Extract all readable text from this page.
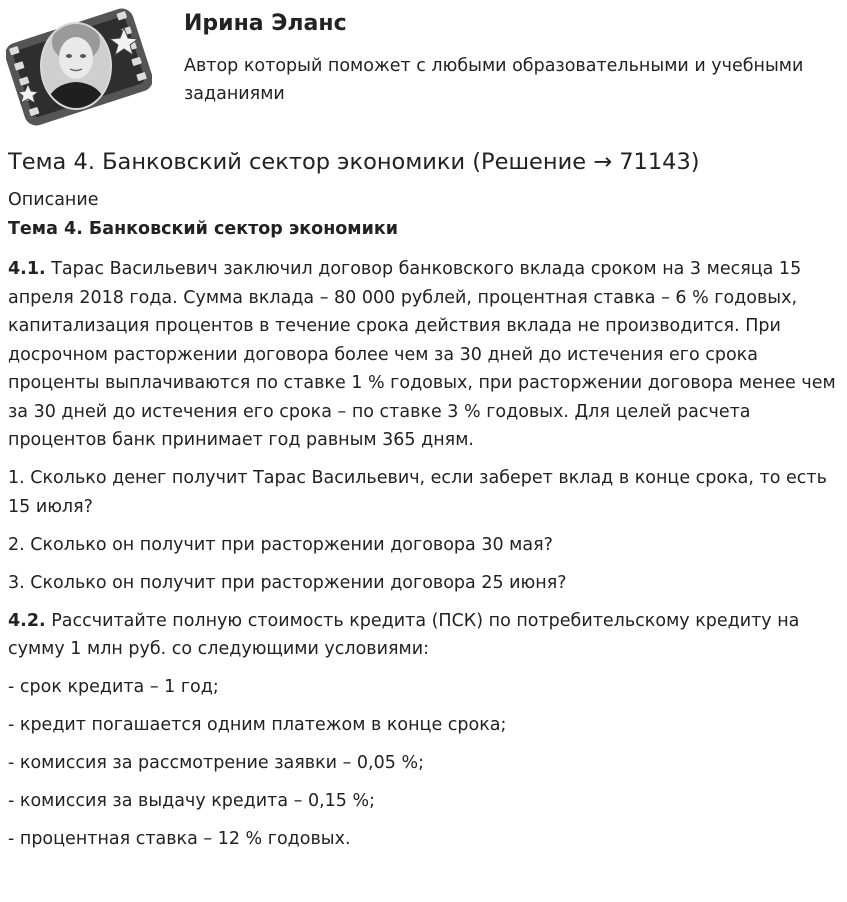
Ирина Эланс
Автор который поможет с любыми образовательными и учебными заданиями
Тема 4. Банковский сектор экономики (Решение → 71143)
Описание
Тема 4. Банковский сектор экономики

4.1. Тарас Васильевич заключил договор банковского вклада сроком на 3 месяца 15 апреля 2018 года. Сумма вклада – 80 000 рублей, процентная ставка – 6 % годовых, капитализация процентов в течение срока действия вклада не производится. При досрочном расторжении договора более чем за 30 дней до истечения его срока проценты выплачиваются по ставке 1 % годовых, при расторжении договора менее чем за 30 дней до истечения его срока – по ставке 3 % годовых. Для целей расчета процентов банк принимает год равным 365 дням.

1. Сколько денег получит Тарас Васильевич, если заберет вклад в конце срока, то есть 15 июля?

2. Сколько он получит при расторжении договора 30 мая?

3. Сколько он получит при расторжении договора 25 июня?

4.2. Рассчитайте полную стоимость кредита (ПСК) по потребительскому кредиту на сумму 1 млн руб. со следующими условиями:

- срок кредита – 1 год;

- кредит погашается одним платежом в конце срока;

- комиссия за рассмотрение заявки – 0,05 %;

- комиссия за выдачу кредита – 0,15 %;

- процентная ставка – 12 % годовых.
